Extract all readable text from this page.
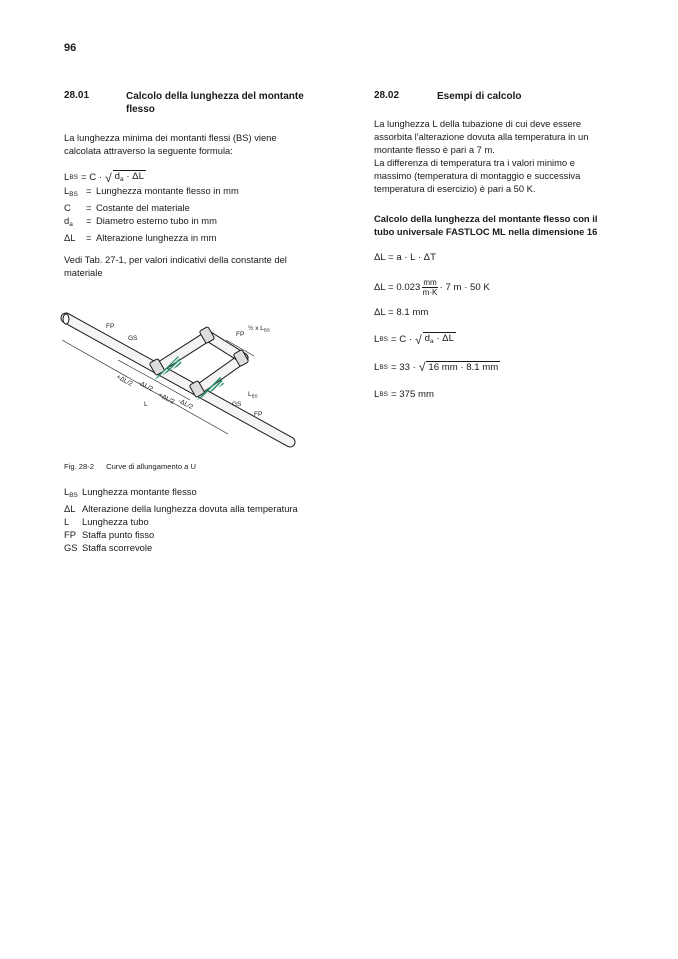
96
28.01	Calcolo della lunghezza del montante
flesso
La lunghezza minima dei montanti flessi (BS) viene
calcolata attraverso la seguente formula:
L BS = C · √ $d_a \cdot \Delta L$
$L_{BS}$ = Lunghezza montante flesso in mm
C	= Costante del materiale
$d_a$	= Diametro esterno tubo in mm
ΔL	= Alterazione lunghezza in mm
Vedi Tab. 27-1, per valori indicativi della constante del
materiale
FP
GS
FP
½ x $L_{BS}$
+ΔL/2 -ΔL/2
+ΔL/2 -ΔL/2
L
$L_{BS}$
GS
FP
Fig. 28-2 Curve di allungamento a U
$L_{BS}$ Lunghezza montante flesso
ΔL Alterazione della lunghezza dovuta alla temperatura
L	Lunghezza tubo
FP Staffa punto fisso
GS Staffa scorrevole
28.02	Esempi di calcolo
La lunghezza L della tubazione di cui deve essere
assorbita l'alterazione dovuta alla temperatura in un
montante flesso è pari a 7 m.
La differenza di temperatura tra i valori minimo e
massimo (temperatura di montaggio e successiva
temperatura di esercizio) è pari a 50 K.
Calcolo della lunghezza del montante flesso con il
tubo universale FASTLOC ML nella dimensione 16
ΔL = a · L · ΔT
$\Delta L = 0.023 \frac{mm}{m\cdot K} \cdot 7$ m · 50 K
ΔL = 8.1 mm
L BS = C · √ $d_a \cdot \Delta L$
L BS = 33 · √ 16 mm · 8.1 mm
L BS = 375 mm
